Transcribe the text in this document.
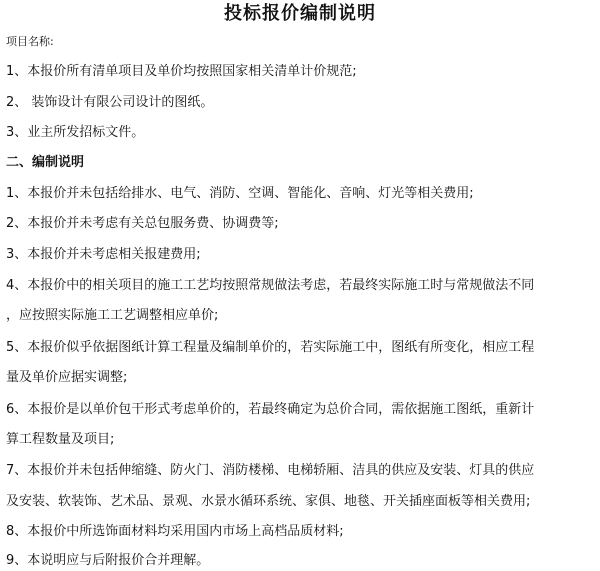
投标报价编制说明
项目名称:
1、本报价所有清单项目及单价均按照国家相关清单计价规范;
2、 装饰设计有限公司设计的图纸。
3、业主所发招标文件。
二、编制说明
1、本报价并未包括给排水、电气、消防、空调、智能化、音响、灯光等相关费用;
2、本报价并未考虑有关总包服务费、协调费等;
3、本报价并未考虑相关报建费用;
4、本报价中的相关项目的施工工艺均按照常规做法考虑，若最终实际施工时与常规做法不同
，应按照实际施工工艺调整相应单价;
5、本报价似乎依据图纸计算工程量及编制单价的，若实际施工中，图纸有所变化，相应工程
量及单价应据实调整;
6、本报价是以单价包干形式考虑单价的，若最终确定为总价合同，需依据施工图纸，重新计
算工程数量及项目;
7、本报价并未包括伸缩缝、防火门、消防楼梯、电梯轿厢、洁具的供应及安装、灯具的供应
及安装、软装饰、艺术品、景观、水景水循环系统、家俱、地毯、开关插座面板等相关费用;
8、本报价中所选饰面材料均采用国内市场上高档品质材料;
9、本说明应与后附报价合并理解。
